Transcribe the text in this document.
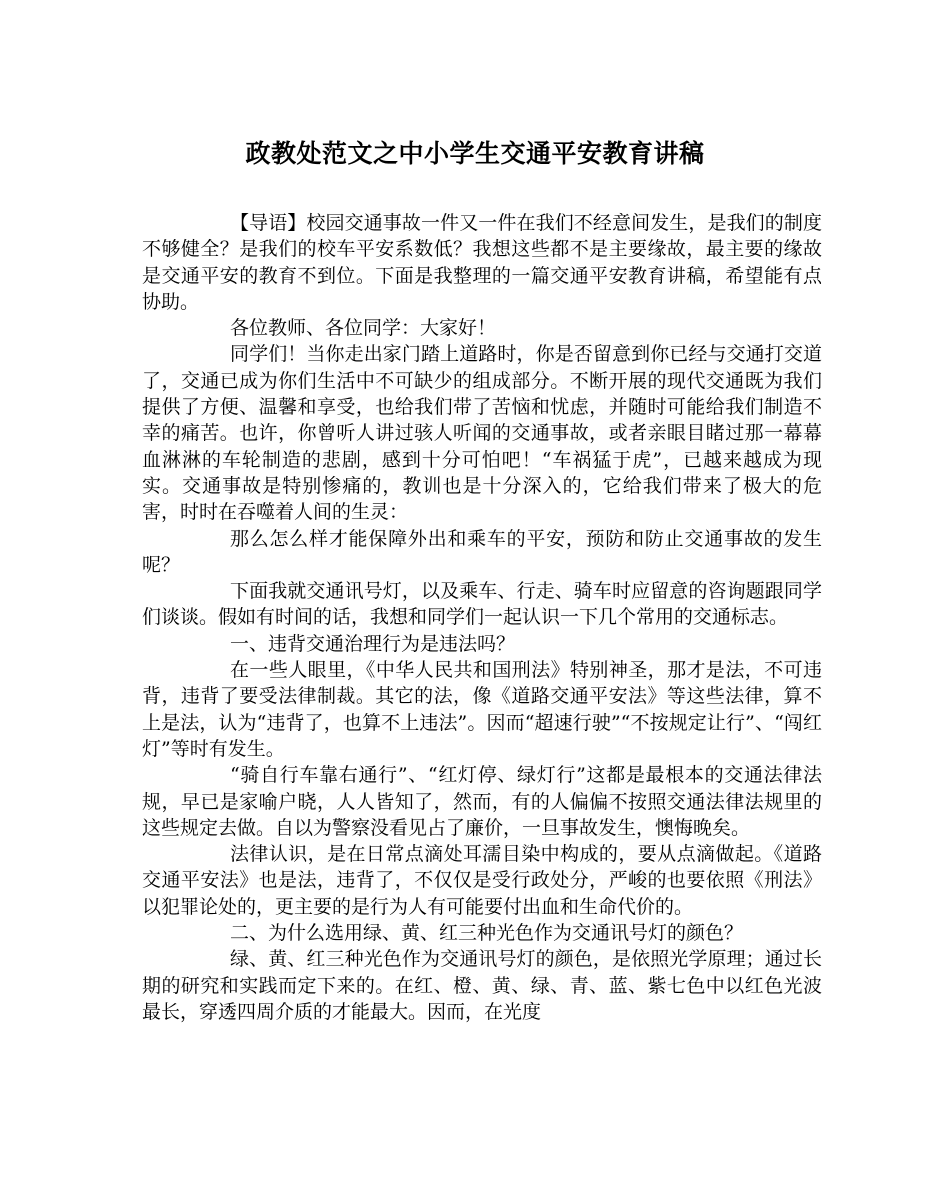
政教处范文之中小学生交通平安教育讲稿

【导语】校园交通事故一件又一件在我们不经意间发生，是我们的制度不够健全？是我们的校车平安系数低？我想这些都不是主要缘故，最主要的缘故是交通平安的教育不到位。下面是我整理的一篇交通平安教育讲稿，希望能有点协助。

各位教师、各位同学：大家好！

同学们！当你走出家门踏上道路时，你是否留意到你已经与交通打交道了，交通已成为你们生活中不可缺少的组成部分。不断开展的现代交通既为我们提供了方便、温馨和享受，也给我们带了苦恼和忧虑，并随时可能给我们制造不幸的痛苦。也许，你曾听人讲过骇人听闻的交通事故，或者亲眼目睹过那一幕幕血淋淋的车轮制造的悲剧，感到十分可怕吧！“车祸猛于虎”，已越来越成为现实。交通事故是特别惨痛的，教训也是十分深入的，它给我们带来了极大的危害，时时在吞噬着人间的生灵：

那么怎么样才能保障外出和乘车的平安，预防和防止交通事故的发生呢？

下面我就交通讯号灯，以及乘车、行走、骑车时应留意的咨询题跟同学们谈谈。假如有时间的话，我想和同学们一起认识一下几个常用的交通标志。

一、违背交通治理行为是违法吗？

在一些人眼里，《中华人民共和国刑法》特别神圣，那才是法，不可违背，违背了要受法律制裁。其它的法，像《道路交通平安法》等这些法律，算不上是法，认为“违背了，也算不上违法”。因而“超速行驶”“不按规定让行”、“闯红灯”等时有发生。

“骑自行车靠右通行”、“红灯停、绿灯行”这都是最根本的交通法律法规，早已是家喻户晓，人人皆知了，然而，有的人偏偏不按照交通法律法规里的这些规定去做。自以为警察没看见占了廉价，一旦事故发生，懊悔晚矣。

法律认识，是在日常点滴处耳濡目染中构成的，要从点滴做起。《道路交通平安法》也是法，违背了，不仅仅是受行政处分，严峻的也要依照《刑法》以犯罪论处的，更主要的是行为人有可能要付出血和生命代价的。

二、为什么选用绿、黄、红三种光色作为交通讯号灯的颜色？

绿、黄、红三种光色作为交通讯号灯的颜色，是依照光学原理；通过长期的研究和实践而定下来的。在红、橙、黄、绿、青、蓝、紫七色中以红色光波最长，穿透四周介质的才能最大。因而，在光度
